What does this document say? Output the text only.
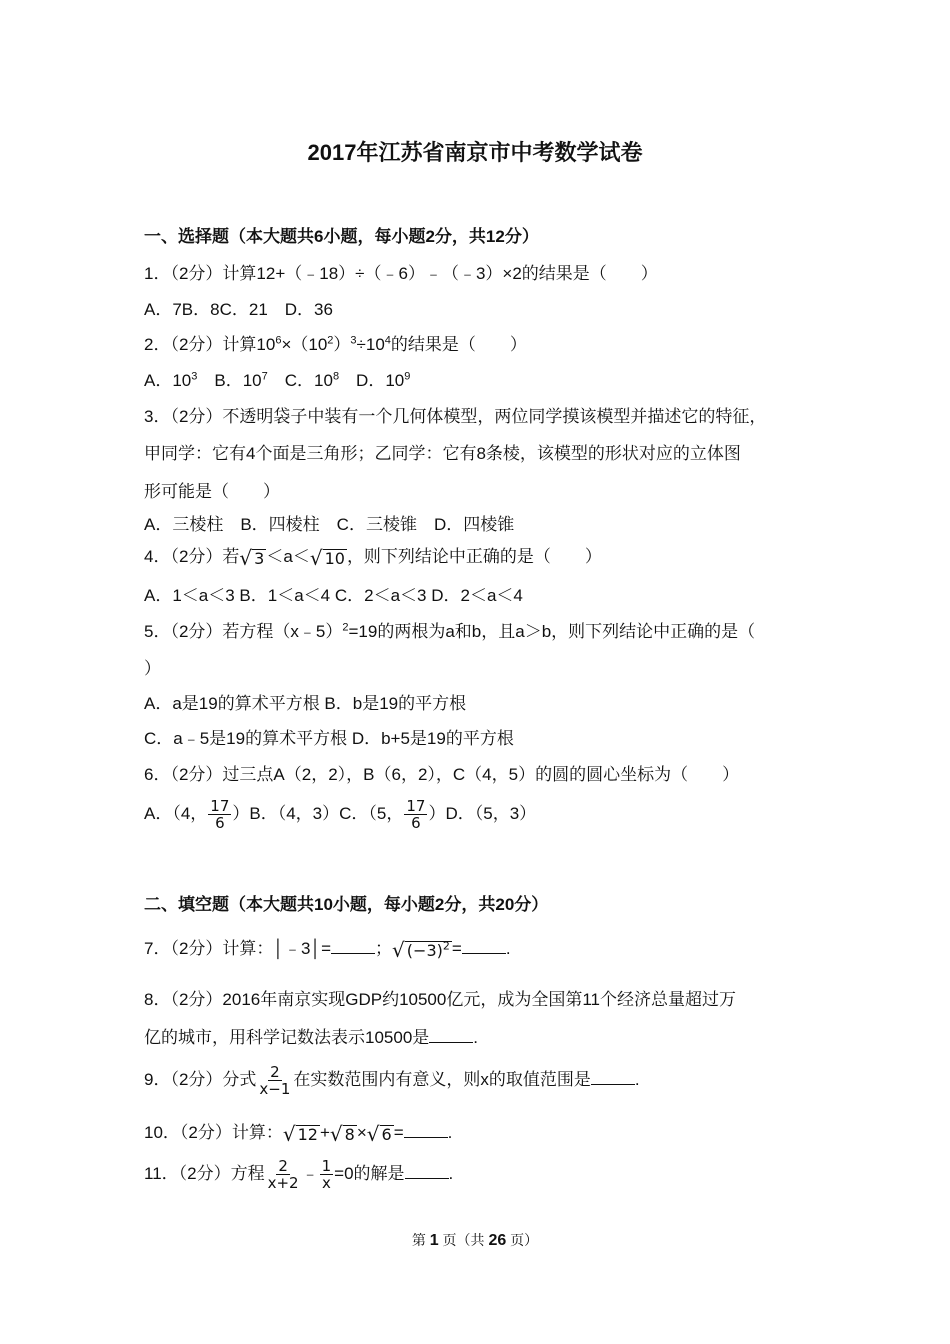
2017年江苏省南京市中考数学试卷
一、选择题（本大题共6小题，每小题2分，共12分）
1．（2分）计算12+（﹣18）÷（﹣6）﹣（﹣3）×2的结果是（　　）
A．7B．8C．21　D．36
2．（2分）计算$10^6\times(10^2)^3\div 10^4$的结果是（　　）
A．$10^3$　B．$10^7$　C．$10^8$　D．$10^9$
3．（2分）不透明袋子中装有一个几何体模型，两位同学摸该模型并描述它的特征，
甲同学：它有4个面是三角形；乙同学：它有8条棱，该模型的形状对应的立体图
形可能是（　　）
A．三棱柱　B．四棱柱　C．三棱锥　D．四棱锥
4．（2分）若 √ 3 ＜a＜ √ 10 ，则下列结论中正确的是（　　）
A．1＜a＜3 B．1＜a＜4 C．2＜a＜3 D．2＜a＜4
5．（2分）若方程（x﹣5）$^2$=19的两根为a和b，且a＞b，则下列结论中正确的是（
）
A．a是19的算术平方根 B．b是19的平方根
C．a﹣5是19的算术平方根 D．b+5是19的平方根
6．（2分）过三点A（2，2），B（6，2），C（4，5）的圆的圆心坐标为（　　）
A．（4， $\frac{17}{6} )B$．（4，3）C．（5， $\frac{17}{6} )D$．（5，3）
二、填空题（本大题共10小题，每小题2分，共20分）
7．（2分）计算：│﹣3│=	； √ $(-3)^2$ =	.
8．（2分）2016年南京实现GDP约10500亿元，成为全国第11个经济总量超过万
亿的城市，用科学记数法表示10500是	.
9．（2分）分式 $\frac{2}{x-1}$ 在实数范围内有意义，则x的取值范围是	.
10．（2分）计算： √ 12 + √ 8 × √ 6 =	.
11．（2分）方程 $\frac{2}{x+2}$ ﹣ $\frac{1}{x} =0$的解是	.
第 1 页（共 26 页）
